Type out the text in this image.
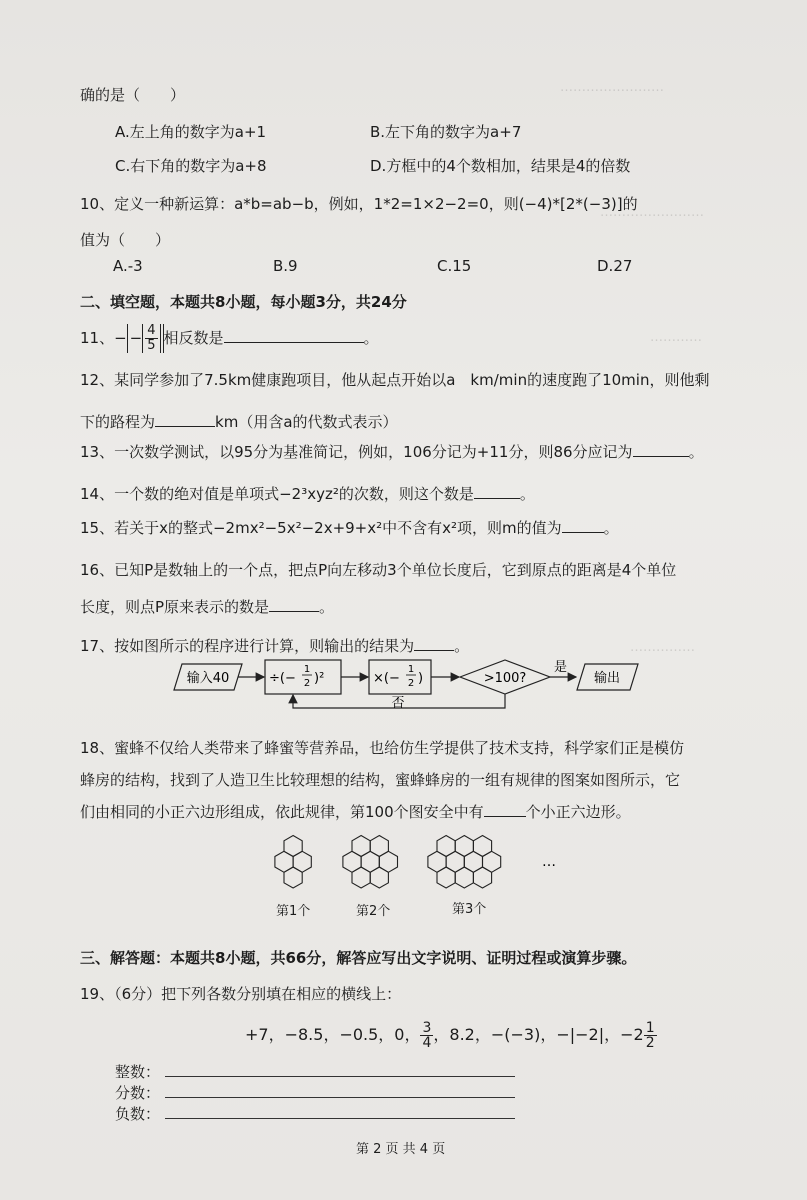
……………………
……………………
…………
……………
确的是（　　）
A.左上角的数字为a+1	B.左下角的数字为a+7
C.右下角的数字为a+8	D.方框中的4个数相加，结果是4的倍数
10、定义一种新运算：a*b=ab−b，例如，1*2=1×2−2=0，则(−4)*[2*(−3)]的
值为（　　）
A.-3	B.9	C.15	D.27
二、填空题，本题共8小题，每小题3分，共24分
11、− − $\frac{4}{5}$ 相反数是	。
12、某同学参加了7.5km健康跑项目，他从起点开始以a　km/min的速度跑了10min，则他剩
下的路程为	km（用含a的代数式表示）
13、一次数学测试，以95分为基准简记，例如，106分记为+11分，则86分应记为	。
14、一个数的绝对值是单项式−2³xyz²的次数，则这个数是	。
15、若关于x的整式−2mx²−5x²−2x+9+x²中不含有x²项，则m的值为	。
16、已知P是数轴上的一个点，把点P向左移动3个单位长度后，它到原点的距离是4个单位
长度，则点P原来表示的数是	。
17、按如图所示的程序进行计算，则输出的结果为	。
输入40	÷(−
1
2 )²	×(−
1
2 )	>100?
是
输出
否
18、蜜蜂不仅给人类带来了蜂蜜等营养品，也给仿生学提供了技术支持，科学家们正是模仿
蜂房的结构，找到了人造卫生比较理想的结构，蜜蜂蜂房的一组有规律的图案如图所示，它
们由相同的小正六边形组成，依此规律，第100个图安全中有	个小正六边形。
…
第1个	第2个	第3个
三、解答题：本题共8小题，共66分，解答应写出文字说明、证明过程或演算步骤。
19、（6分）把下列各数分别填在相应的横线上：
+7，−8.5，−0.5，0， $\frac{3}{4}$ ，8.2，−(−3)，−|−2|，$-2 \frac{1}{2}$
整数：
分数：
负数：
第 2 页 共 4 页
